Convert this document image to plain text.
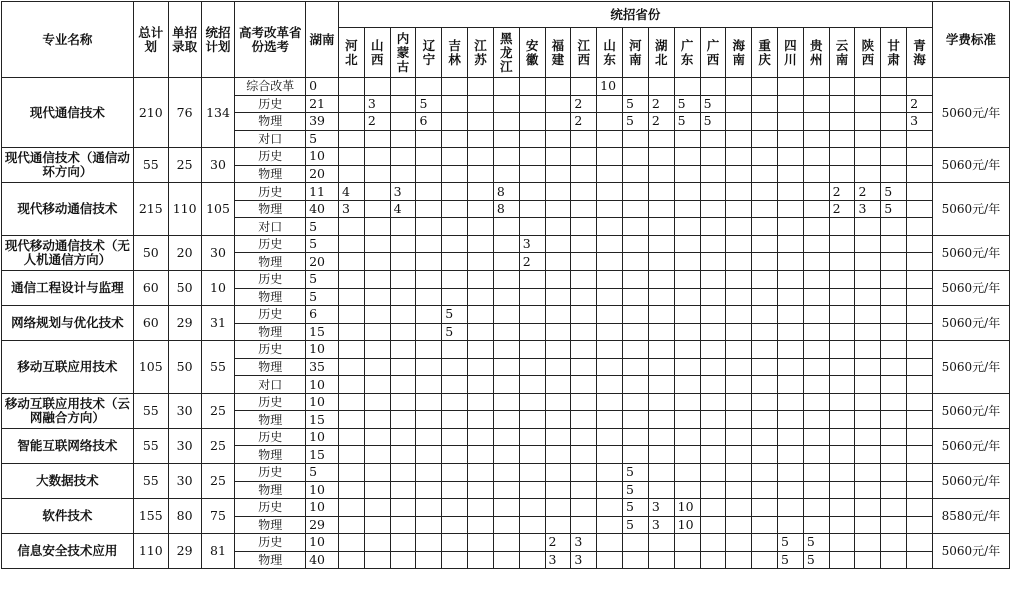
专业名称	总计划	单招录取	统招计划	高考改革省份选考	湖南	统招省份																							学费标准
						河北	山西	内蒙古	辽宁	吉林	江苏	黑龙江	安徽	福建	江西	山东	河南	湖北	广东	广西	海南	重庆	四川	贵州	云南	陕西	甘肃	青海	
现代通信技术	210	76	134	综合改革	0											10													5060元/年
				历史	21		3		5						2		5	2	5	5								2	
				物理	39		2		6						2		5	2	5	5								3	
				对口	5																								
现代通信技术（通信动环方向）	55	25	30	历史	10																								5060元/年
				物理	20																								
现代移动通信技术	215	110	105	历史	11	4		3				8													2	2	5		5060元/年
				物理	40	3		4				8													2	3	5		
				对口	5																								
现代移动通信技术（无人机通信方向）	50	20	30	历史	5								3																5060元/年
				物理	20								2																
通信工程设计与监理	60	50	10	历史	5																								5060元/年
				物理	5																								
网络规划与优化技术	60	29	31	历史	6					5																			5060元/年
				物理	15					5																			
移动互联应用技术	105	50	55	历史	10																								5060元/年
				物理	35																								
				对口	10																								
移动互联应用技术（云网融合方向）	55	30	25	历史	10																								5060元/年
				物理	15																								
智能互联网络技术	55	30	25	历史	10																								5060元/年
				物理	15																								
大数据技术	55	30	25	历史	5												5												5060元/年
				物理	10												5												
软件技术	155	80	75	历史	10												5	3	10										8580元/年
				物理	29												5	3	10										
信息安全技术应用	110	29	81	历史	10									2	3								5	5					5060元/年
				物理	40									3	3								5	5					
